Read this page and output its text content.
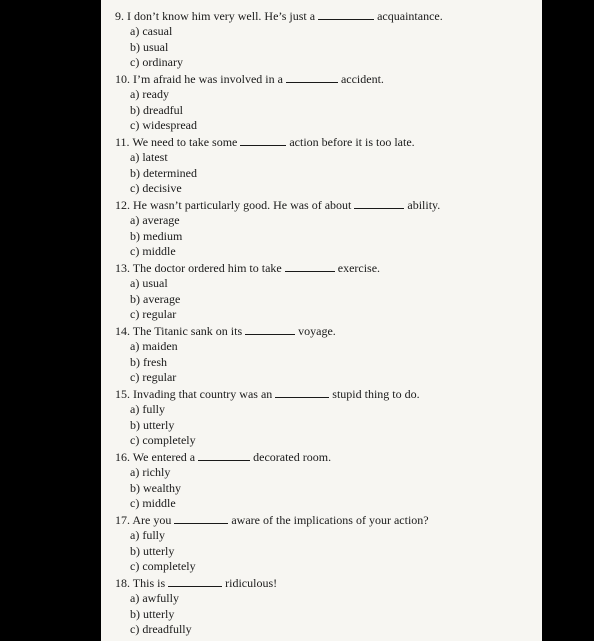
9. I don’t know him very well. He’s just a	acquaintance.
a) casual
b) usual
c) ordinary
10. I’m afraid he was involved in a	accident.
a) ready
b) dreadful
c) widespread
11. We need to take some	action before it is too late.
a) latest
b) determined
c) decisive
12. He wasn’t particularly good. He was of about	ability.
a) average
b) medium
c) middle
13. The doctor ordered him to take	exercise.
a) usual
b) average
c) regular
14. The Titanic sank on its	voyage.
a) maiden
b) fresh
c) regular
15. Invading that country was an	stupid thing to do.
a) fully
b) utterly
c) completely
16. We entered a	decorated room.
a) richly
b) wealthy
c) middle
17. Are you	aware of the implications of your action?
a) fully
b) utterly
c) completely
18. This is	ridiculous!
a) awfully
b) utterly
c) dreadfully
